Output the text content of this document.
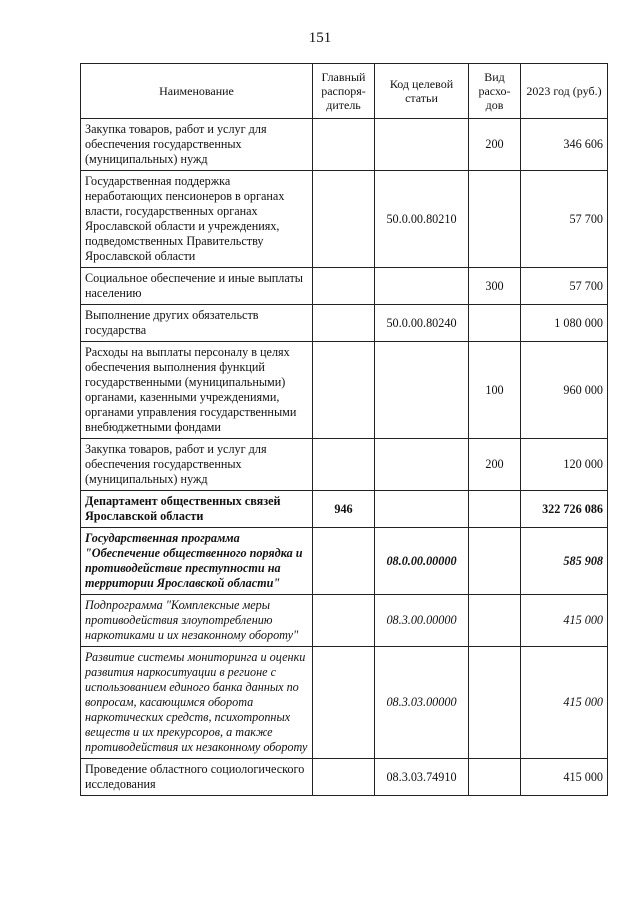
151
Наименование	Главный распоря-дитель	Код целевой статьи	Вид расхо-дов	2023 год (руб.)
Закупка товаров, работ и услуг для обеспечения государственных (муниципальных) нужд			200	346 606
Государственная поддержка неработающих пенсионеров в органах власти, государственных органах Ярославской области и учреждениях, подведомственных Правительству Ярославской области		50.0.00.80210		57 700
Социальное обеспечение и иные выплаты населению			300	57 700
Выполнение других обязательств государства		50.0.00.80240		1 080 000
Расходы на выплаты персоналу в целях обеспечения выполнения функций государственными (муниципальными) органами, казенными учреждениями, органами управления государственными внебюджетными фондами			100	960 000
Закупка товаров, работ и услуг для обеспечения государственных (муниципальных) нужд			200	120 000
Департамент общественных связей Ярославской области	946			322 726 086
Государственная программа "Обеспечение общественного порядка и противодействие преступности на территории Ярославской области"		08.0.00.00000		585 908
Подпрограмма "Комплексные меры противодействия злоупотреблению наркотиками и их незаконному обороту"		08.3.00.00000		415 000
Развитие системы мониторинга и оценки развития наркоситуации в регионе с использованием единого банка данных по вопросам, касающимся оборота наркотических средств, психотропных веществ и их прекурсоров, а также противодействия их незаконному обороту		08.3.03.00000		415 000
Проведение областного социологического исследования		08.3.03.74910		415 000
